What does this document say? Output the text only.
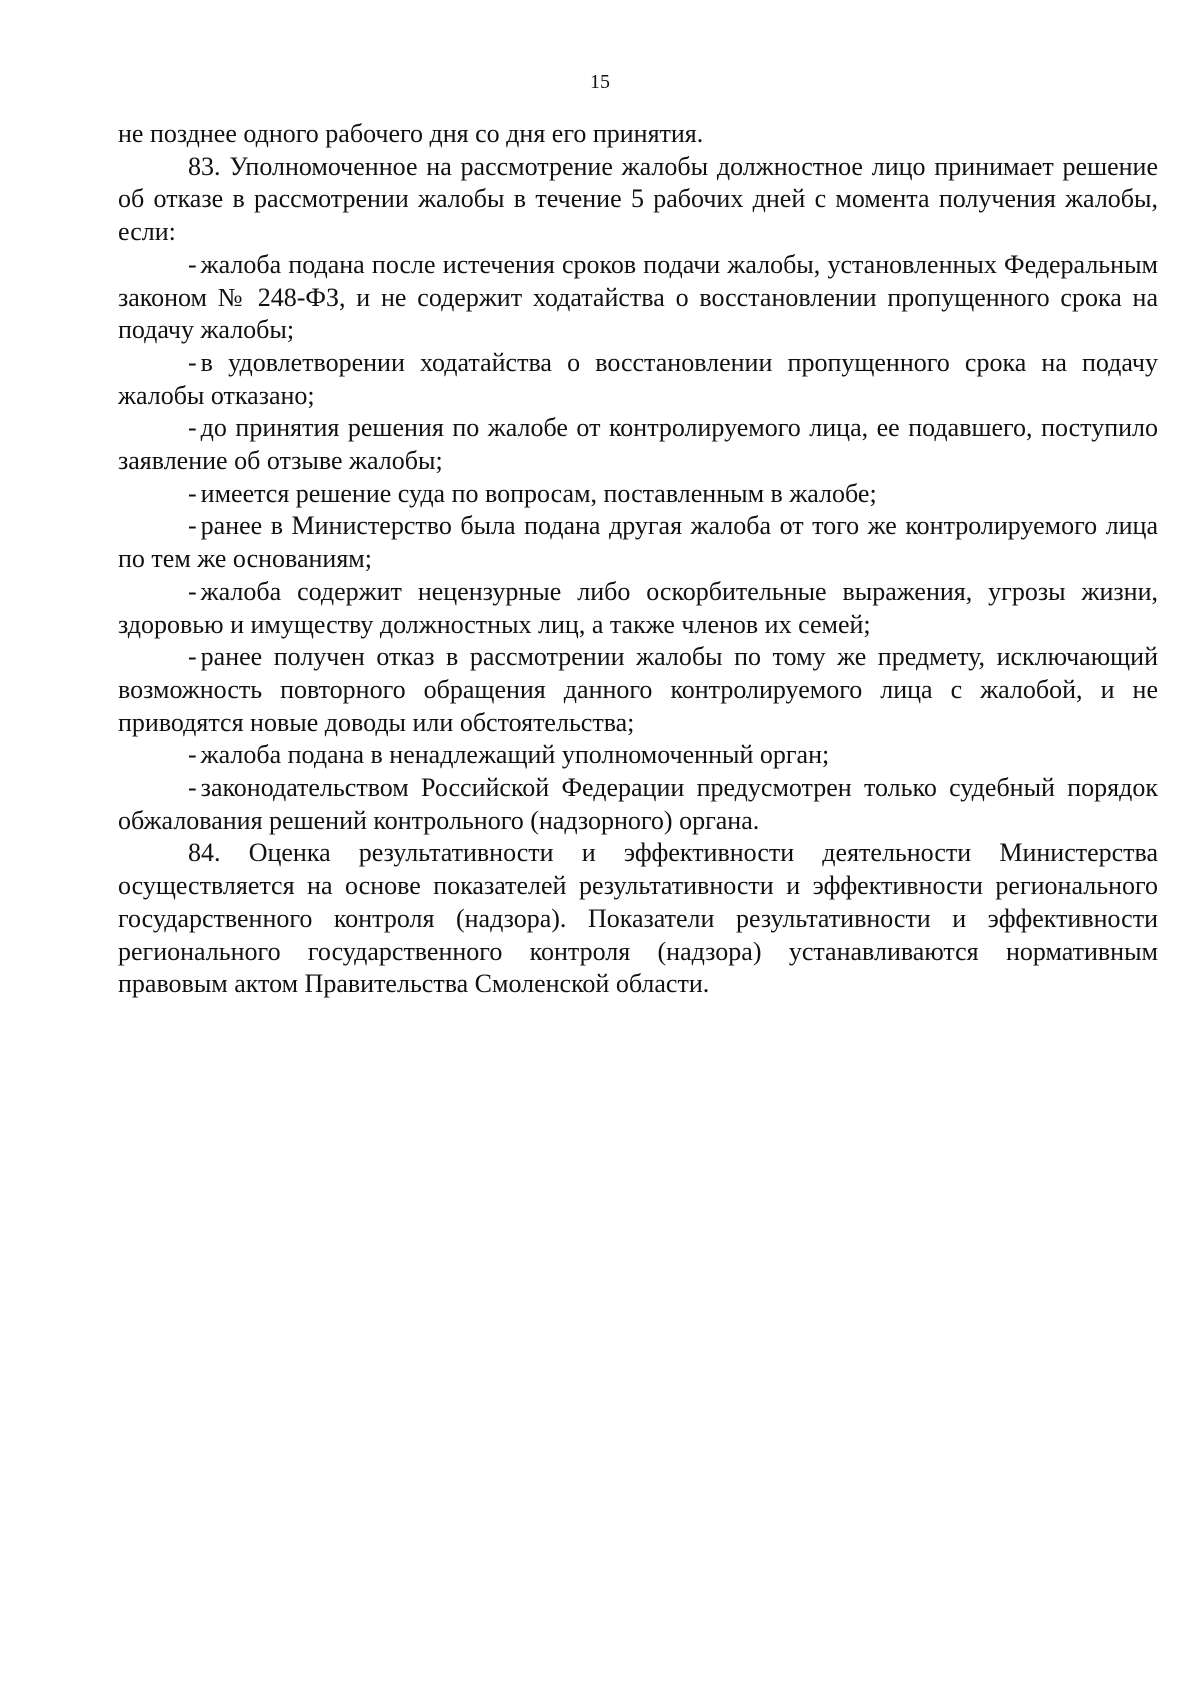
15

не позднее одного рабочего дня со дня его принятия.

83. Уполномоченное на рассмотрение жалобы должностное лицо принимает решение об отказе в рассмотрении жалобы в течение 5 рабочих дней с момента получения жалобы, если:

- жалоба подана после истечения сроков подачи жалобы, установленных Федеральным законом № 248-ФЗ, и не содержит ходатайства о восстановлении пропущенного срока на подачу жалобы;

- в удовлетворении ходатайства о восстановлении пропущенного срока на подачу жалобы отказано;

- до принятия решения по жалобе от контролируемого лица, ее подавшего, поступило заявление об отзыве жалобы;

- имеется решение суда по вопросам, поставленным в жалобе;

- ранее в Министерство была подана другая жалоба от того же контролируемого лица по тем же основаниям;

- жалоба содержит нецензурные либо оскорбительные выражения, угрозы жизни, здоровью и имуществу должностных лиц, а также членов их семей;

- ранее получен отказ в рассмотрении жалобы по тому же предмету, исключающий возможность повторного обращения данного контролируемого лица с жалобой, и не приводятся новые доводы или обстоятельства;

- жалоба подана в ненадлежащий уполномоченный орган;

- законодательством Российской Федерации предусмотрен только судебный порядок обжалования решений контрольного (надзорного) органа.

84. Оценка результативности и эффективности деятельности Министерства осуществляется на основе показателей результативности и эффективности регионального государственного контроля (надзора). Показатели результативности и эффективности регионального государственного контроля (надзора) устанавливаются нормативным правовым актом Правительства Смоленской области.
